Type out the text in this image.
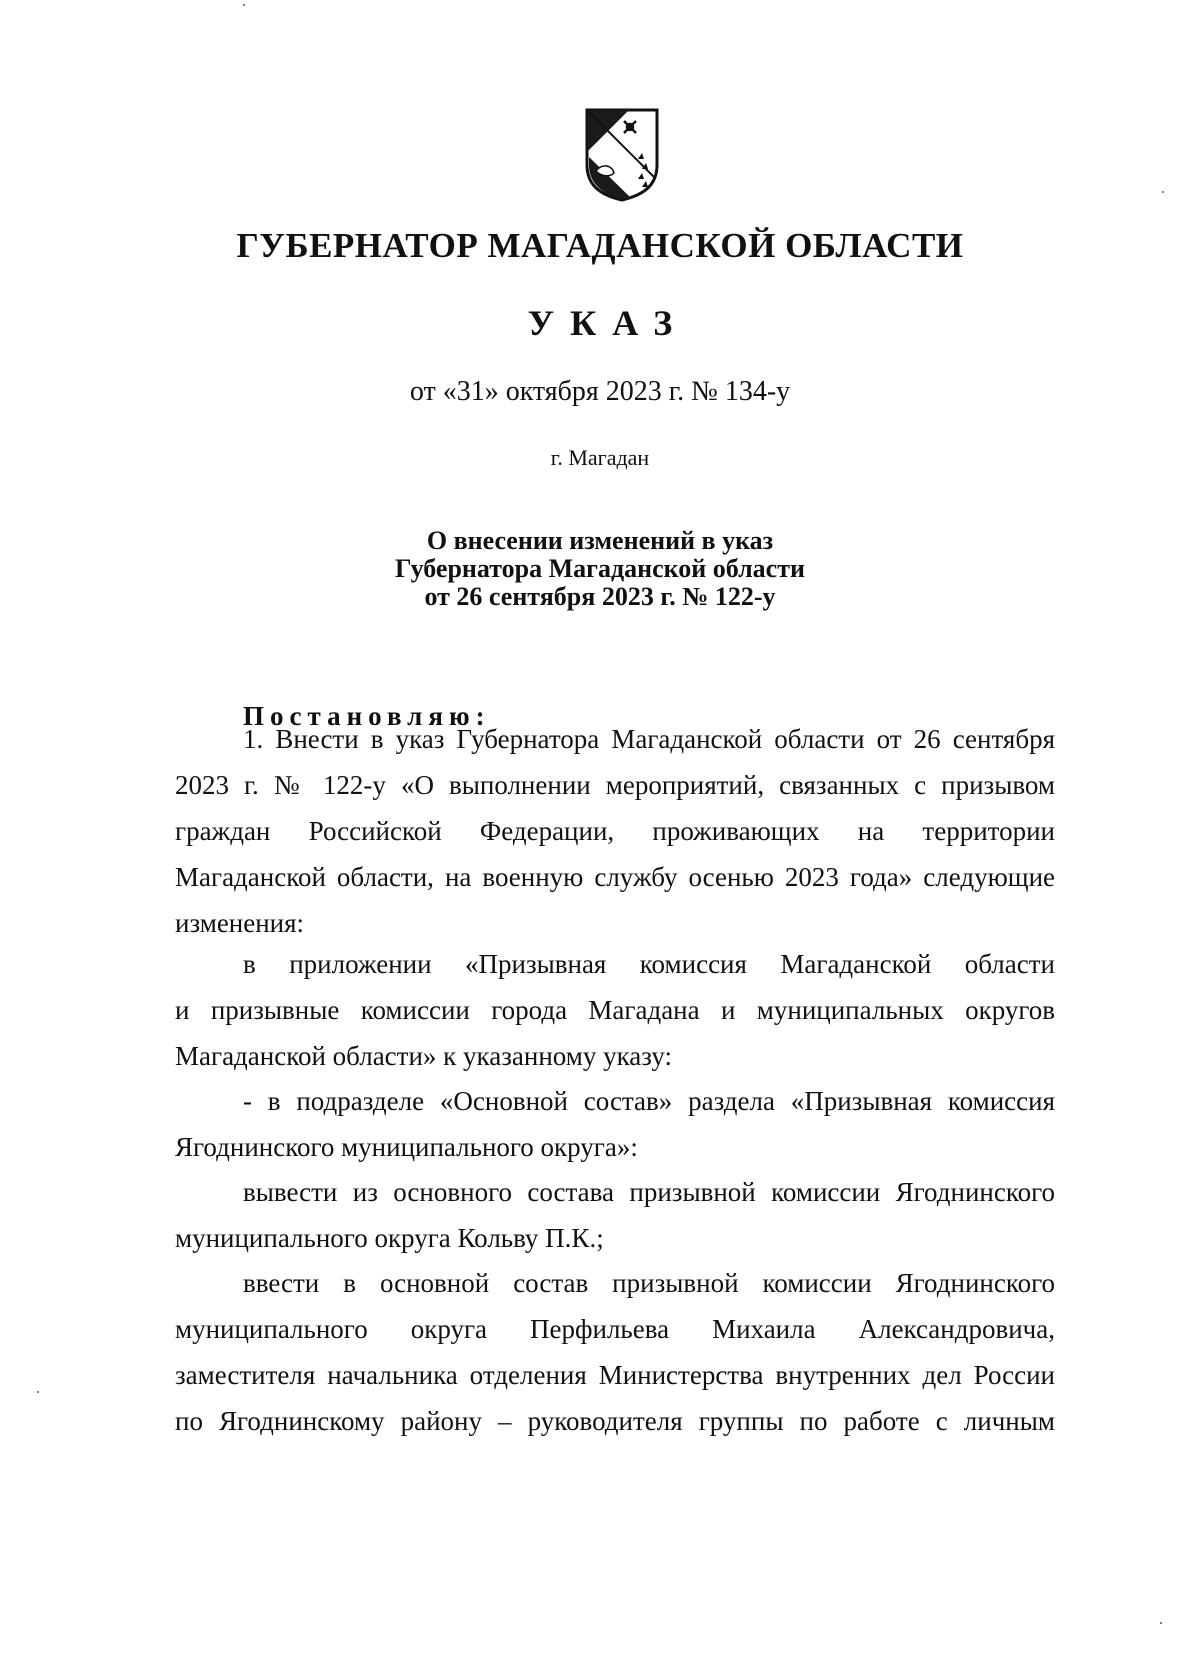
ГУБЕРНАТОР МАГАДАНСКОЙ ОБЛАСТИ
УКАЗ
от «31» октября 2023 г. № 134-у
г. Магадан
О внесении изменений в указ
Губернатора Магаданской области
от 26 сентября 2023 г. № 122-у
Постановляю:
1. Внести в указ Губернатора Магаданской области от 26 сентября
2023 г. № 122-у «О выполнении мероприятий, связанных с призывом
граждан Российской Федерации, проживающих на территории
Магаданской области, на военную службу осенью 2023 года» следующие
изменения:
в приложении «Призывная комиссия Магаданской области
и призывные комиссии города Магадана и муниципальных округов
Магаданской области» к указанному указу:
- в подразделе «Основной состав» раздела «Призывная комиссия
Ягоднинского муниципального округа»:
вывести из основного состава призывной комиссии Ягоднинского
муниципального округа Кольву П.К.;
ввести в основной состав призывной комиссии Ягоднинского
муниципального округа Перфильева Михаила Александровича,
заместителя начальника отделения Министерства внутренних дел России
по Ягоднинскому району – руководителя группы по работе с личным
